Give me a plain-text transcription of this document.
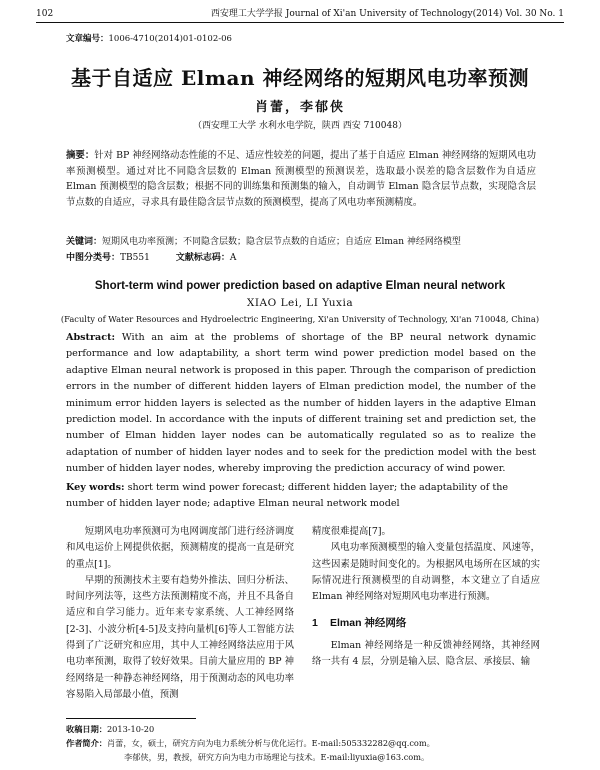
102	西安理工大学学报 Journal of Xi'an University of Technology(2014) Vol. 30 No. 1
文章编号：1006-4710(2014)01-0102-06
基于自适应 Elman 神经网络的短期风电功率预测
肖蕾，李郁侠
（西安理工大学 水利水电学院，陕西 西安 710048）
摘要：针对 BP 神经网络动态性能的不足、适应性较差的问题，提出了基于自适应 Elman 神经网络的短期风电功率预测模型。通过对比不同隐含层数的 Elman 预测模型的预测误差，选取最小误差的隐含层数作为自适应 Elman 预测模型的隐含层数；根据不同的训练集和预测集的输入，自动调节 Elman 隐含层节点数，实现隐含层节点数的自适应，寻求具有最佳隐含层节点数的预测模型，提高了风电功率预测精度。
关键词：短期风电功率预测；不同隐含层数；隐含层节点数的自适应；自适应 Elman 神经网络模型
中图分类号：TB551	文献标志码：A
Short-term wind power prediction based on adaptive Elman neural network
XIAO Lei, LI Yuxia
(Faculty of Water Resources and Hydroelectric Engineering, Xi'an University of Technology, Xi'an 710048, China)
Abstract: With an aim at the problems of shortage of the BP neural network dynamic performance and low adaptability, a short term wind power prediction model based on the adaptive Elman neural network is proposed in this paper. Through the comparison of prediction errors in the number of different hidden layers of Elman prediction model, the number of the minimum error hidden layers is selected as the number of hidden layers in the adaptive Elman prediction model. In accordance with the inputs of different training set and prediction set, the number of Elman hidden layer nodes can be automatically regulated so as to realize the adaptation of number of hidden layer nodes and to seek for the prediction model with the best number of hidden layer nodes, whereby improving the prediction accuracy of wind power.
Key words: short term wind power forecast; different hidden layer; the adaptability of the number of hidden layer node; adaptive Elman neural network model

短期风电功率预测可为电网调度部门进行经济调度和风电运价上网提供依据，预测精度的提高一直是研究的重点[1]。

早期的预测技术主要有趋势外推法、回归分析法、时间序列法等，这些方法预测精度不高，并且不具备自适应和自学习能力。近年来专家系统、人工神经网络[2-3]、小波分析[4-5]及支持向量机[6]等人工智能方法得到了广泛研究和应用，其中人工神经网络法应用于风电功率预测，取得了较好效果。目前大量应用的 BP 神经网络是一种静态神经网络，用于预测动态的风电功率容易陷入局部最小值，预测

精度很难提高[7]。

风电功率预测模型的输入变量包括温度、风速等，这些因素是随时间变化的。为根据风电场所在区域的实际情况进行预测模型的自动调整，本文建立了自适应 Elman 神经网络对短期风电功率进行预测。

1 Elman 神经网络

Elman 神经网络是一种反馈神经网络，其神经网络一共有 4 层，分别是输入层、隐含层、承接层、输

收稿日期：2013-10-20
作者简介：肖蕾，女，硕士，研究方向为电力系统分析与优化运行。E-mail:505332282@qq.com。
李郁侠，男，教授，研究方向为电力市场理论与技术。E-mail:liyuxia@163.com。
